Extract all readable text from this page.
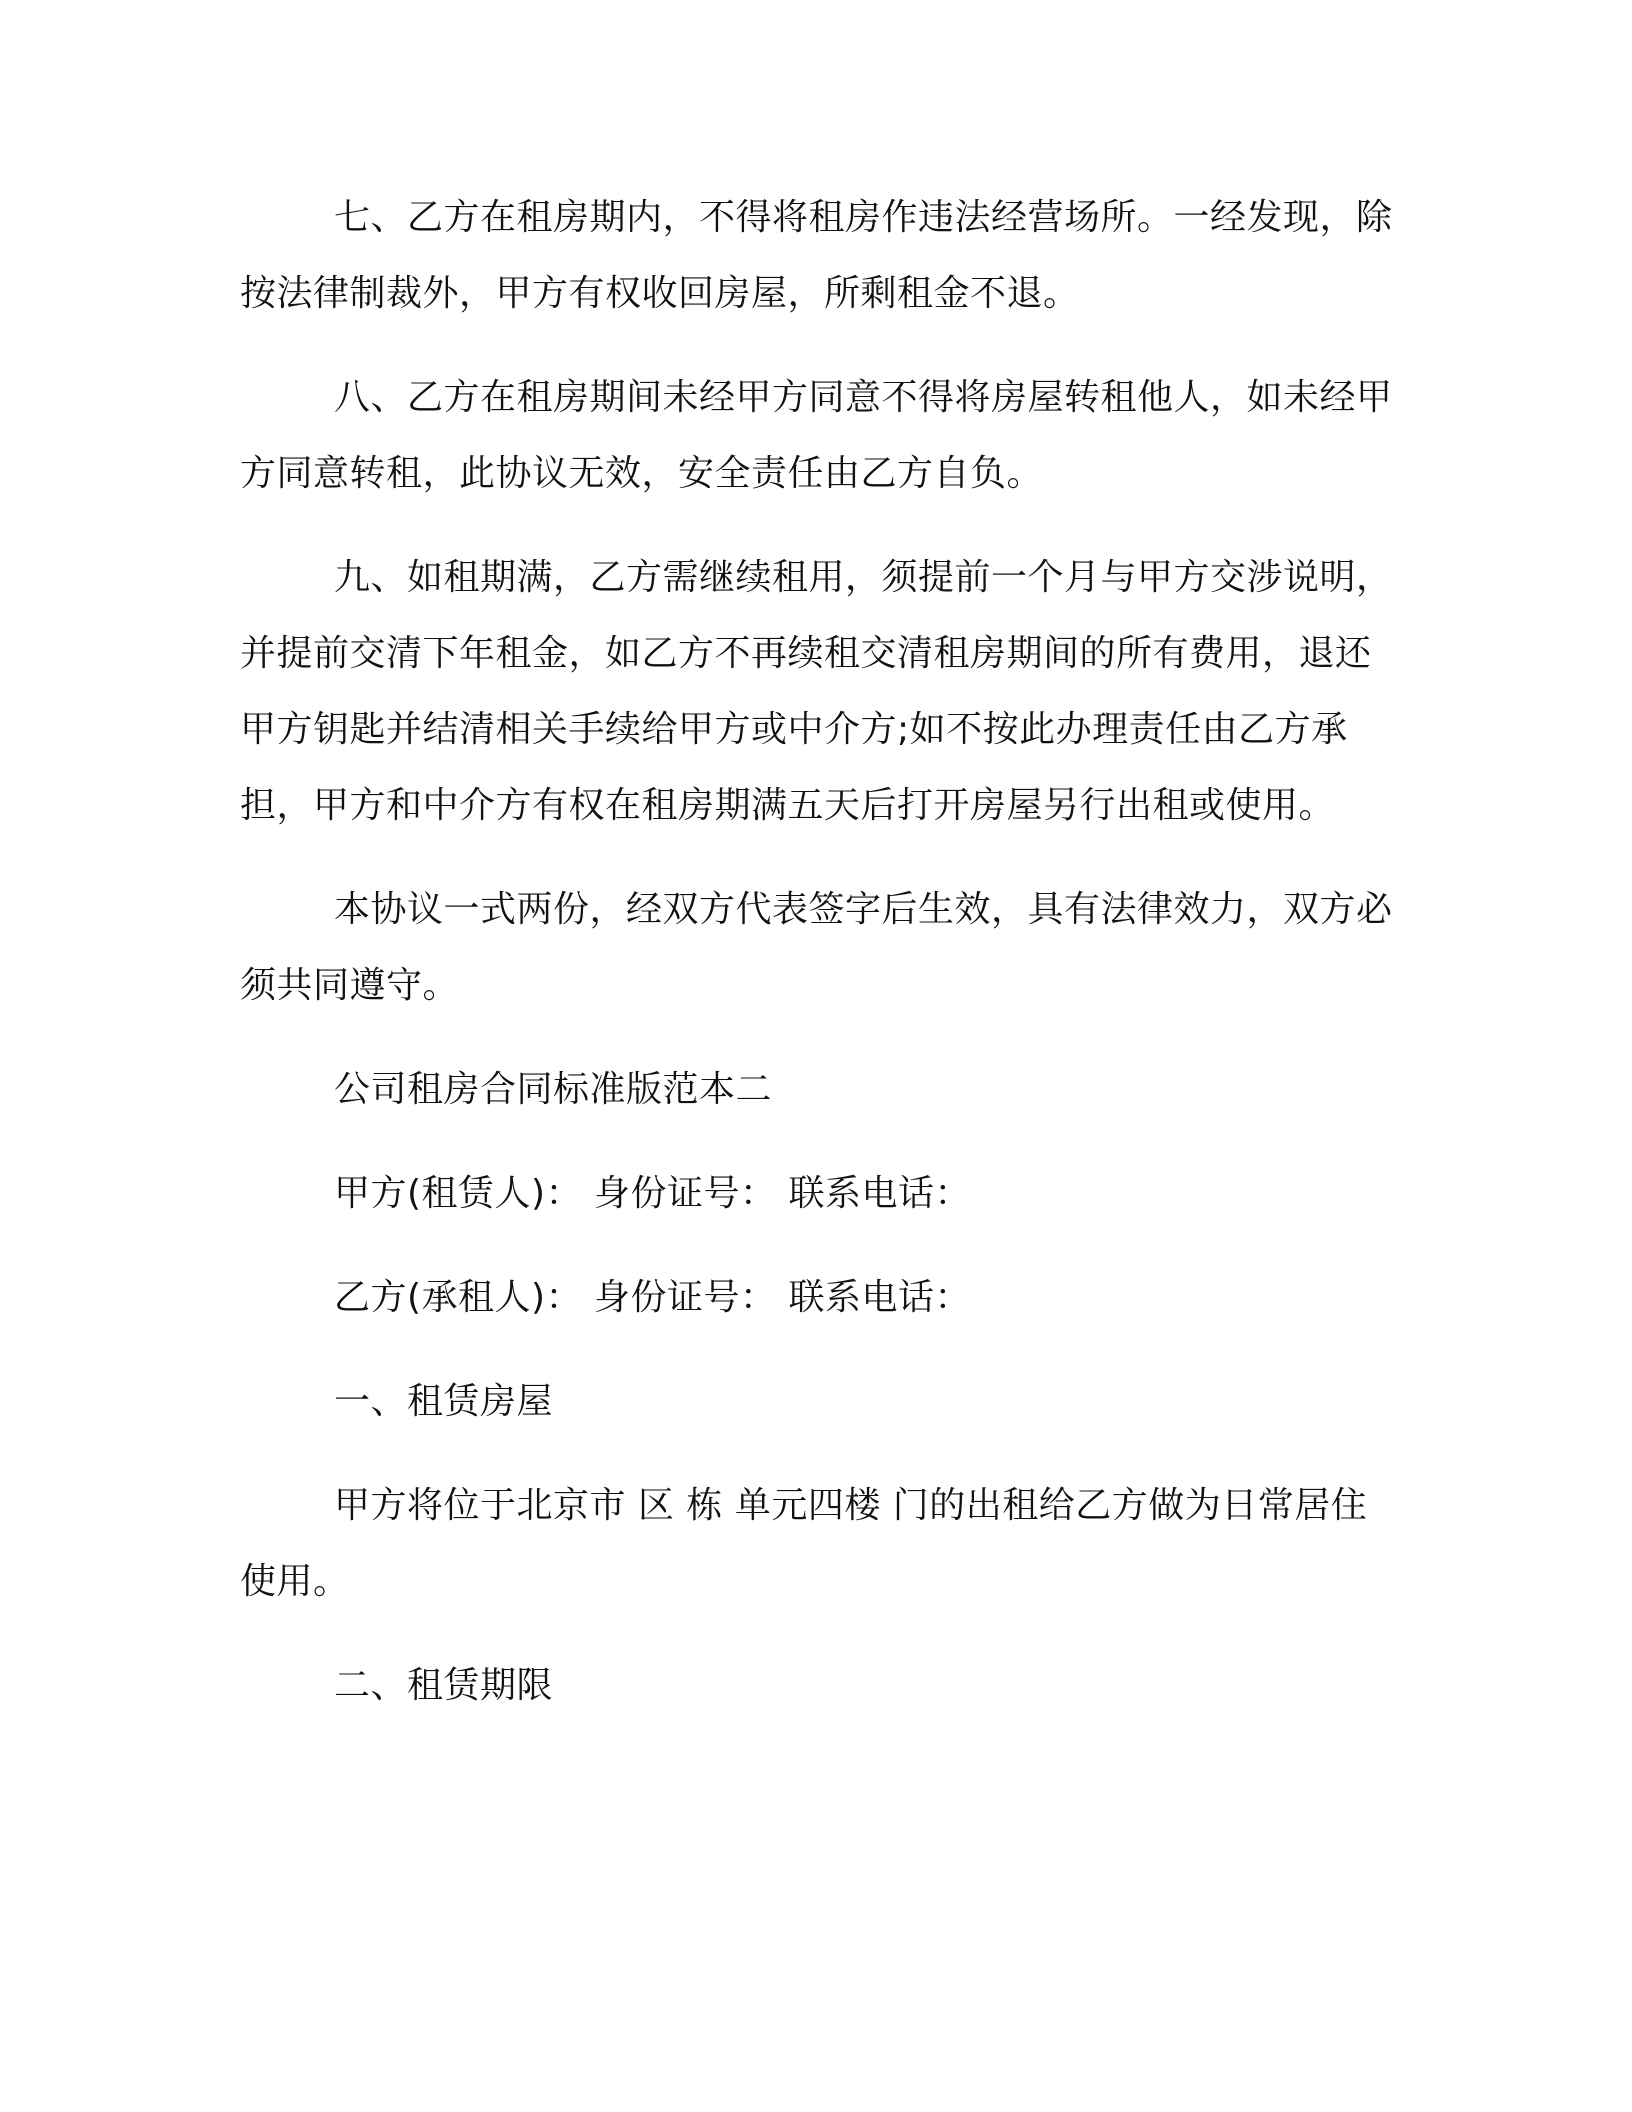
七、乙方在租房期内，不得将租房作违法经营场所。一经发现，除按法律制裁外，甲方有权收回房屋，所剩租金不退。

八、乙方在租房期间未经甲方同意不得将房屋转租他人，如未经甲方同意转租，此协议无效，安全责任由乙方自负。

九、如租期满，乙方需继续租用，须提前一个月与甲方交涉说明，并提前交清下年租金，如乙方不再续租交清租房期间的所有费用，退还甲方钥匙并结清相关手续给甲方或中介方;如不按此办理责任由乙方承担，甲方和中介方有权在租房期满五天后打开房屋另行出租或使用。

本协议一式两份，经双方代表签字后生效，具有法律效力，双方必须共同遵守。

公司租房合同标准版范本二

甲方(租赁人)： 身份证号： 联系电话：

乙方(承租人)： 身份证号： 联系电话：

一、租赁房屋

甲方将位于北京市 区 栋 单元四楼 门的出租给乙方做为日常居住使用。

二、租赁期限
